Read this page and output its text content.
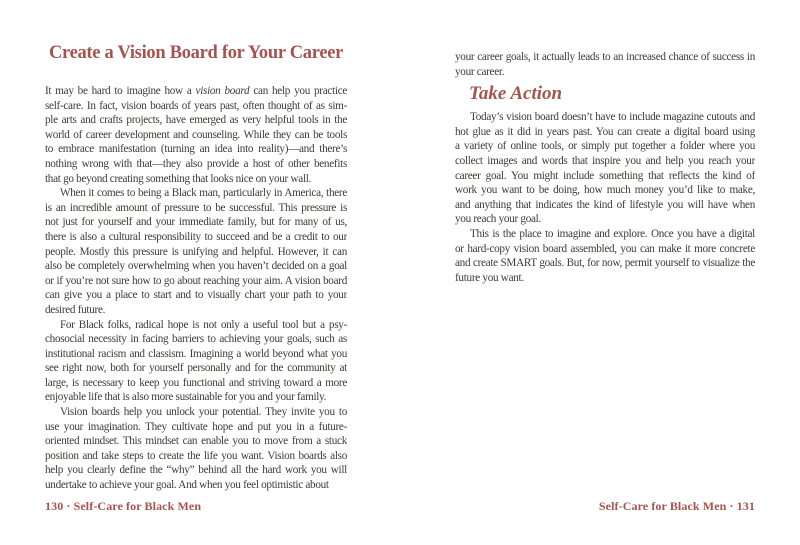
Create a Vision Board for Your Career
It may be hard to imagine how a vision board can help you practice
self-care. In fact, vision boards of years past, often thought of as sim-
ple arts and crafts projects, have emerged as very helpful tools in the
world of career development and counseling. While they can be tools
to embrace manifestation (turning an idea into reality)—and there’s
nothing wrong with that—they also provide a host of other benefits
that go beyond creating something that looks nice on your wall.
When it comes to being a Black man, particularly in America, there
is an incredible amount of pressure to be successful. This pressure is
not just for yourself and your immediate family, but for many of us,
there is also a cultural responsibility to succeed and be a credit to our
people. Mostly this pressure is unifying and helpful. However, it can
also be completely overwhelming when you haven’t decided on a goal
or if you’re not sure how to go about reaching your aim. A vision board
can give you a place to start and to visually chart your path to your
desired future.
For Black folks, radical hope is not only a useful tool but a psy-
chosocial necessity in facing barriers to achieving your goals, such as
institutional racism and classism. Imagining a world beyond what you
see right now, both for yourself personally and for the community at
large, is necessary to keep you functional and striving toward a more
enjoyable life that is also more sustainable for you and your family.
Vision boards help you unlock your potential. They invite you to
use your imagination. They cultivate hope and put you in a future-
oriented mindset. This mindset can enable you to move from a stuck
position and take steps to create the life you want. Vision boards also
help you clearly define the “why” behind all the hard work you will
undertake to achieve your goal. And when you feel optimistic about
130 · Self-Care for Black Men
your career goals, it actually leads to an increased chance of success in
your career.
Take Action
Today’s vision board doesn’t have to include magazine cutouts and
hot glue as it did in years past. You can create a digital board using
a variety of online tools, or simply put together a folder where you
collect images and words that inspire you and help you reach your
career goal. You might include something that reflects the kind of
work you want to be doing, how much money you’d like to make,
and anything that indicates the kind of lifestyle you will have when
you reach your goal.
This is the place to imagine and explore. Once you have a digital
or hard-copy vision board assembled, you can make it more concrete
and create SMART goals. But, for now, permit yourself to visualize the
future you want.
Self-Care for Black Men · 131
